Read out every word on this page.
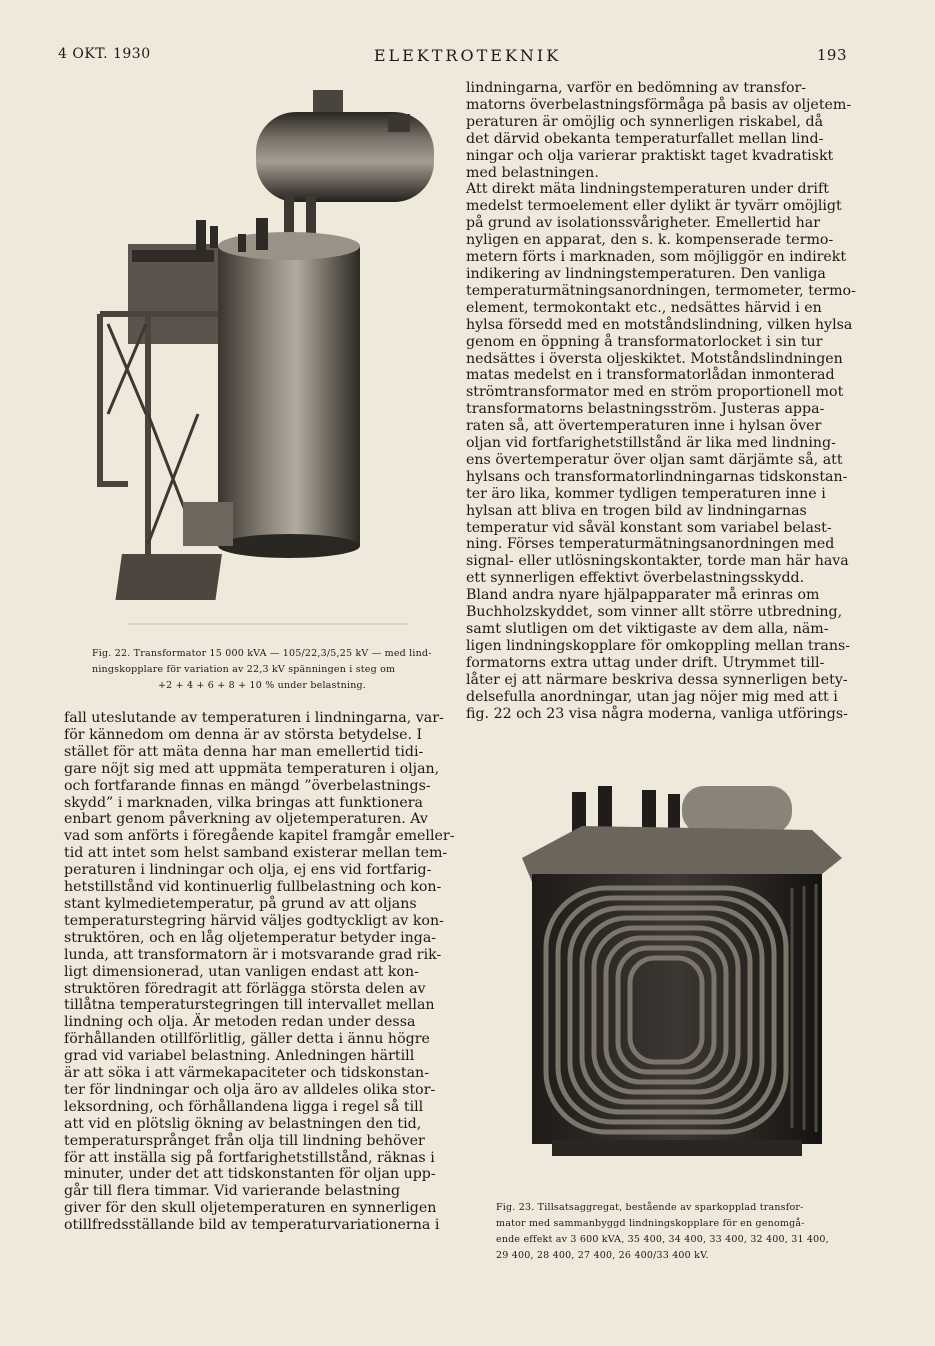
4 OKT. 1930	ELEKTROTEKNIK	193

Fig. 22. Transformator 15 000 kVA — 105/22,3/5,25 kV — med lind-

ningskopplare för variation av 22,3 kV spänningen i steg om

+2 + 4 + 6 + 8 + 10 % under belastning.

fall uteslutande av temperaturen i lindningarna, var-

för kännedom om denna är av största betydelse. I

stället för att mäta denna har man emellertid tidi-

gare nöjt sig med att uppmäta temperaturen i oljan,

och fortfarande finnas en mängd ”överbelastnings-

skydd” i marknaden, vilka bringas att funktionera

enbart genom påverkning av oljetemperaturen. Av

vad som anförts i föregående kapitel framgår emeller-

tid att intet som helst samband existerar mellan tem-

peraturen i lindningar och olja, ej ens vid fortfarig-

hetstillstånd vid kontinuerlig fullbelastning och kon-

stant kylmedietemperatur, på grund av att oljans

temperaturstegring härvid väljes godtyckligt av kon-

struktören, och en låg oljetemperatur betyder inga-

lunda, att transformatorn är i motsvarande grad rik-

ligt dimensionerad, utan vanligen endast att kon-

struktören föredragit att förlägga största delen av

tillåtna temperaturstegringen till intervallet mellan

lindning och olja. Är metoden redan under dessa

förhållanden otillförlitlig, gäller detta i ännu högre

grad vid variabel belastning. Anledningen härtill

är att söka i att värmekapaciteter och tidskonstan-

ter för lindningar och olja äro av alldeles olika stor-

leksordning, och förhållandena ligga i regel så till

att vid en plötslig ökning av belastningen den tid,

temperatursprånget från olja till lindning behöver

för att inställa sig på fortfarighetstillstånd, räknas i

minuter, under det att tidskonstanten för oljan upp-

går till flera timmar. Vid varierande belastning

giver för den skull oljetemperaturen en synnerligen

otillfredsställande bild av temperaturvariationerna i

lindningarna, varför en bedömning av transfor-

matorns överbelastningsförmåga på basis av oljetem-

peraturen är omöjlig och synnerligen riskabel, då

det därvid obekanta temperaturfallet mellan lind-

ningar och olja varierar praktiskt taget kvadratiskt

med belastningen.

Att direkt mäta lindningstemperaturen under drift

medelst termoelement eller dylikt är tyvärr omöjligt

på grund av isolationssvårigheter. Emellertid har

nyligen en apparat, den s. k. kompenserade termo-

metern förts i marknaden, som möjliggör en indirekt

indikering av lindningstemperaturen. Den vanliga

temperaturmätningsanordningen, termometer, termo-

element, termokontakt etc., nedsättes härvid i en

hylsa försedd med en motståndslindning, vilken hylsa

genom en öppning å transformatorlocket i sin tur

nedsättes i översta oljeskiktet. Motståndslindningen

matas medelst en i transformatorlådan inmonterad

strömtransformator med en ström proportionell mot

transformatorns belastningsström. Justeras appa-

raten så, att övertemperaturen inne i hylsan över

oljan vid fortfarighetstillstånd är lika med lindning-

ens övertemperatur över oljan samt därjämte så, att

hylsans och transformatorlindningarnas tidskonstan-

ter äro lika, kommer tydligen temperaturen inne i

hylsan att bliva en trogen bild av lindningarnas

temperatur vid såväl konstant som variabel belast-

ning. Förses temperaturmätningsanordningen med

signal- eller utlösningskontakter, torde man här hava

ett synnerligen effektivt överbelastningsskydd.

Bland andra nyare hjälpapparater må erinras om

Buchholzskyddet, som vinner allt större utbredning,

samt slutligen om det viktigaste av dem alla, näm-

ligen lindningskopplare för omkoppling mellan trans-

formatorns extra uttag under drift. Utrymmet till-

låter ej att närmare beskriva dessa synnerligen bety-

delsefulla anordningar, utan jag nöjer mig med att i

fig. 22 och 23 visa några moderna, vanliga utförings-

Fig. 23. Tillsatsaggregat, bestående av sparkopplad transfor-

mator med sammanbyggd lindningskopplare för en genomgå-

ende effekt av 3 600 kVA, 35 400, 34 400, 33 400, 32 400, 31 400,

29 400, 28 400, 27 400, 26 400/33 400 kV.
